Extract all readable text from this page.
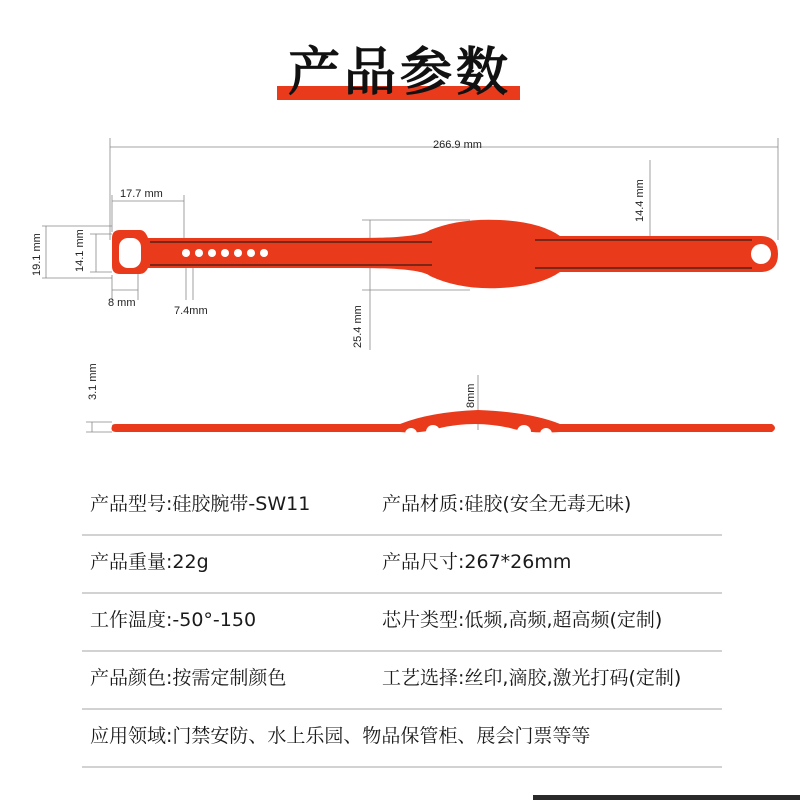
产品参数
266.9 mm
17.7 mm
19.1 mm	14.1 mm
8 mm
7.4mm	25.4 mm
14.4 mm
3.1 mm	8mm
产品型号:硅胶腕带-SW11	产品材质:硅胶(安全无毒无味)
产品重量:22g	产品尺寸:267*26mm
工作温度:-50°-150	芯片类型:低频,高频,超高频(定制)
产品颜色:按需定制颜色	工艺选择:丝印,滴胶,激光打码(定制)
应用领域:门禁安防、水上乐园、物品保管柜、展会门票等等
